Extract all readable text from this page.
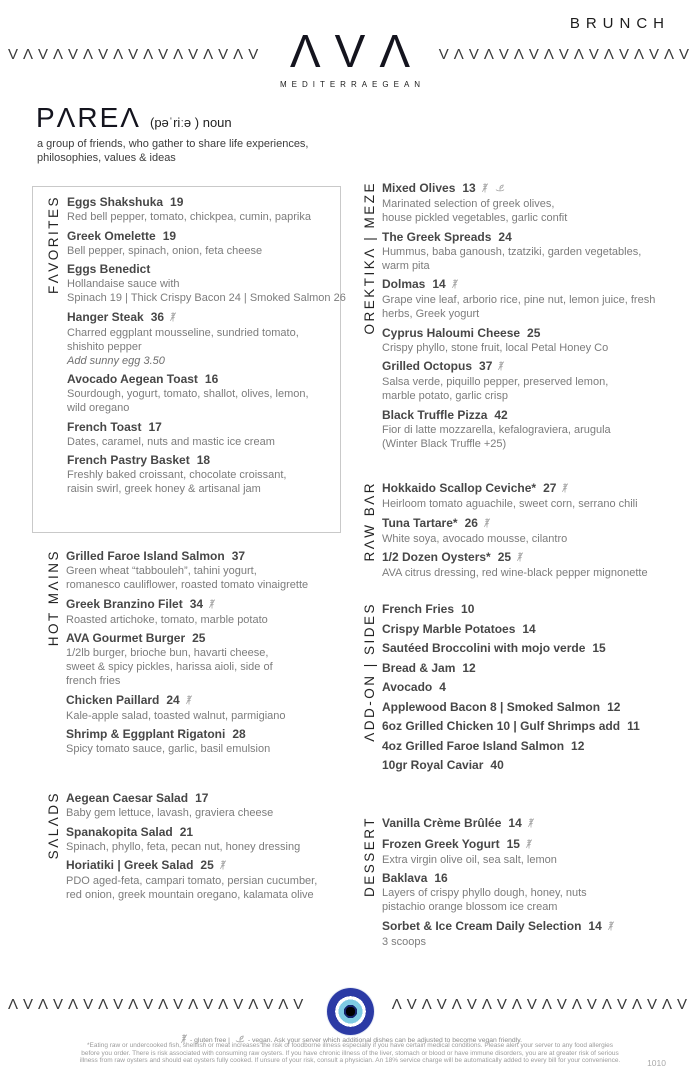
BRUNCH
VΛVΛVΛVΛVΛVΛVΛVΛV	VΛVΛVΛVΛVΛVΛVΛVΛV
ΛVΛ
MEDITERRAEGEAN
PΛREΛ (pəˈriːə ) noun
a group of friends, who gather to share life experiences,
philosophies, values & ideas
FΛVORITES Eggs Shakshuka 19
Red bell pepper, tomato, chickpea, cumin, paprika
Greek Omelette 19
Bell pepper, spinach, onion, feta cheese
Eggs Benedict
Hollandaise sauce with
Spinach 19 | Thick Crispy Bacon 24 | Smoked Salmon 26
Hanger Steak 36
Charred eggplant mousseline, sundried tomato,
shishito pepper
Add sunny egg 3.50
Avocado Aegean Toast 16
Sourdough, yogurt, tomato, shallot, olives, lemon,
wild oregano
French Toast 17
Dates, caramel, nuts and mastic ice cream
French Pastry Basket 18
Freshly baked croissant, chocolate croissant,
raisin swirl, greek honey & artisanal jam
HOT MΛINS Grilled Faroe Island Salmon 37
Green wheat “tabbouleh”, tahini yogurt,
romanesco cauliflower, roasted tomato vinaigrette
Greek Branzino Filet 34
Roasted artichoke, tomato, marble potato
AVA Gourmet Burger 25
1/2lb burger, brioche bun, havarti cheese,
sweet & spicy pickles, harissa aioli, side of
french fries
Chicken Paillard 24
Kale-apple salad, toasted walnut, parmigiano
Shrimp & Eggplant Rigatoni 28
Spicy tomato sauce, garlic, basil emulsion
SΛLΛDS Aegean Caesar Salad 17
Baby gem lettuce, lavash, graviera cheese
Spanakopita Salad 21
Spinach, phyllo, feta, pecan nut, honey dressing
Horiatiki | Greek Salad 25
PDO aged-feta, campari tomato, persian cucumber,
red onion, greek mountain oregano, kalamata olive
OREKTIKΛ | MEZE Mixed Olives 13
Marinated selection of greek olives,
house pickled vegetables, garlic confit
The Greek Spreads 24
Hummus, baba ganoush, tzatziki, garden vegetables,
warm pita
Dolmas 14
Grape vine leaf, arborio rice, pine nut, lemon juice, fresh
herbs, Greek yogurt
Cyprus Haloumi Cheese 25
Crispy phyllo, stone fruit, local Petal Honey Co
Grilled Octopus 37
Salsa verde, piquillo pepper, preserved lemon,
marble potato, garlic crisp
Black Truffle Pizza 42
Fior di latte mozzarella, kefalograviera, arugula
(Winter Black Truffle +25)
RΛW BΛR Hokkaido Scallop Ceviche* 27
Heirloom tomato aguachile, sweet corn, serrano chili
Tuna Tartare* 26
White soya, avocado mousse, cilantro
1/2 Dozen Oysters* 25
AVA citrus dressing, red wine-black pepper mignonette
ΛDD-ON | SIDES French Fries 10
Crispy Marble Potatoes 14
Sautéed Broccolini with mojo verde 15
Bread & Jam 12
Avocado 4
Applewood Bacon 8 | Smoked Salmon 12
6oz Grilled Chicken 10 | Gulf Shrimps add 11
4oz Grilled Faroe Island Salmon 12
10gr Royal Caviar 40
DESSERT Vanilla Crème Brûlée 14
Frozen Greek Yogurt 15
Extra virgin olive oil, sea salt, lemon
Baklava 16
Layers of crispy phyllo dough, honey, nuts
pistachio orange blossom ice cream
Sorbet & Ice Cream Daily Selection 14
3 scoops
ΛVΛVΛVΛVΛVΛVΛVΛVΛVΛV	ΛVΛVΛVΛVΛVΛVΛVΛVΛVΛV
- gluten free |	- vegan. Ask your server which additional dishes can be adjusted to become vegan friendly.
*Eating raw or undercooked fish, shellfish or meat increases the risk of foodborne illness especially if you have certain medical conditions. Please alert your server to any food allergies
before you order. There is risk associated with consuming raw oysters. If you have chronic illness of the liver, stomach or blood or have immune disorders, you are at greater risk of serious
illness from raw oysters and should eat oysters fully cooked. If unsure of your risk, consult a physician. An 18% service charge will be automatically added to every bill for your convenience.	1010
